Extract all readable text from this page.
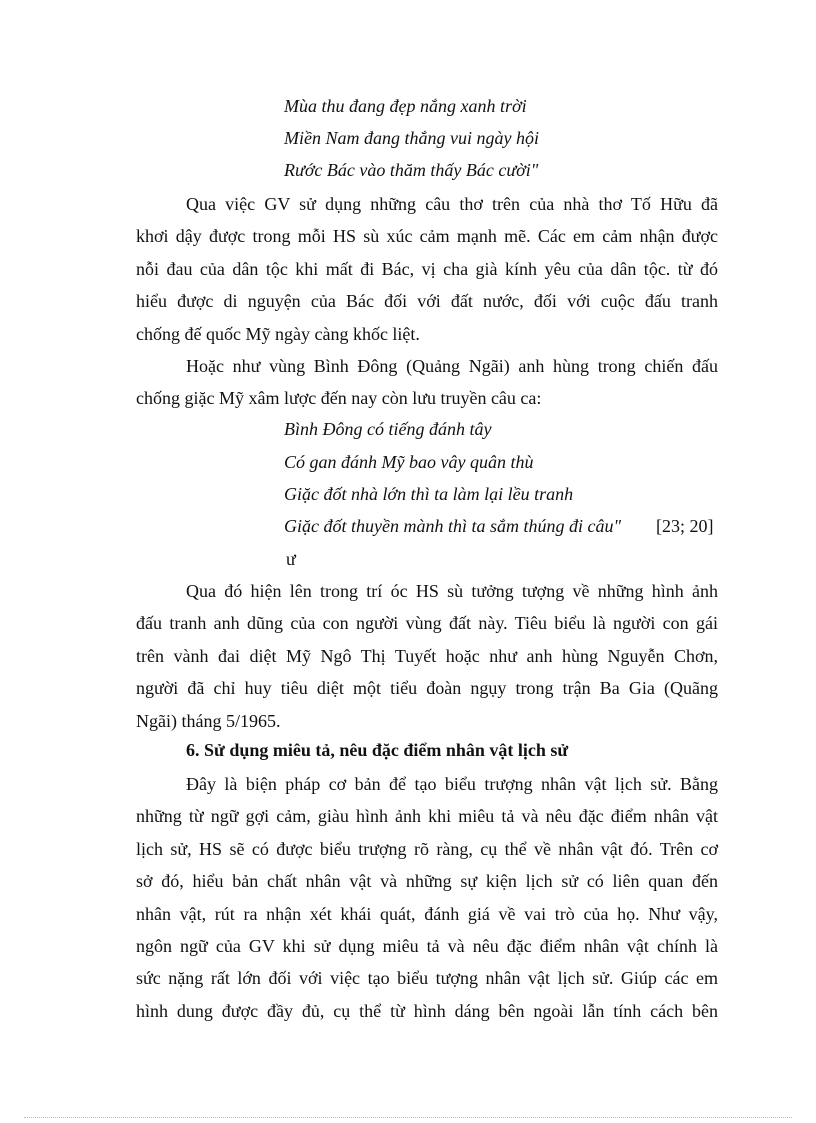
Mùa thu đang đẹp nắng xanh trời
Miền Nam đang thắng vui ngày hội
Rước Bác vào thăm thấy Bác cười"
Qua việc GV sử dụng những câu thơ trên của nhà thơ Tố Hữu đã
khơi dậy được trong mỗi HS sù xúc cảm mạnh mẽ. Các em cảm nhận được
nỗi đau của dân tộc khi mất đi Bác, vị cha già kính yêu của dân tộc. từ đó
hiểu được di nguyện của Bác đối với đất nước, đối với cuộc đấu tranh
chống đế quốc Mỹ ngày càng khốc liệt.
Hoặc như vùng Bình Đông (Quảng Ngãi) anh hùng trong chiến đấu
chống giặc Mỹ xâm lược đến nay còn lưu truyền câu ca:
Bình Đông có tiếng đánh tây
Có gan đánh Mỹ bao vây quân thù
Giặc đốt nhà lớn thì ta làm lại lều tranh
Giặc đốt thuyền mành thì ta sắm thúng đi câu" [23; 20]
ư
Qua đó hiện lên trong trí óc HS sù tưởng tượng về những hình ảnh
đấu tranh anh dũng của con người vùng đất này. Tiêu biểu là người con gái
trên vành đai diệt Mỹ Ngô Thị Tuyết hoặc như anh hùng Nguyễn Chơn,
người đã chỉ huy tiêu diệt một tiểu đoàn ngụy trong trận Ba Gia (Quãng
Ngãi) tháng 5/1965.
6. Sử dụng miêu tả, nêu đặc điểm nhân vật lịch sử
Đây là biện pháp cơ bản để tạo biểu trượng nhân vật lịch sử. Bằng
những từ ngữ gợi cảm, giàu hình ảnh khi miêu tả và nêu đặc điểm nhân vật
lịch sử, HS sẽ có được biểu trượng rõ ràng, cụ thể về nhân vật đó. Trên cơ
sở đó, hiểu bản chất nhân vật và những sự kiện lịch sử có liên quan đến
nhân vật, rút ra nhận xét khái quát, đánh giá về vai trò của họ. Như vậy,
ngôn ngữ của GV khi sử dụng miêu tả và nêu đặc điểm nhân vật chính là
sức nặng rất lớn đối với việc tạo biểu tượng nhân vật lịch sử. Giúp các em
hình dung được đầy đủ, cụ thể từ hình dáng bên ngoài lẫn tính cách bên
